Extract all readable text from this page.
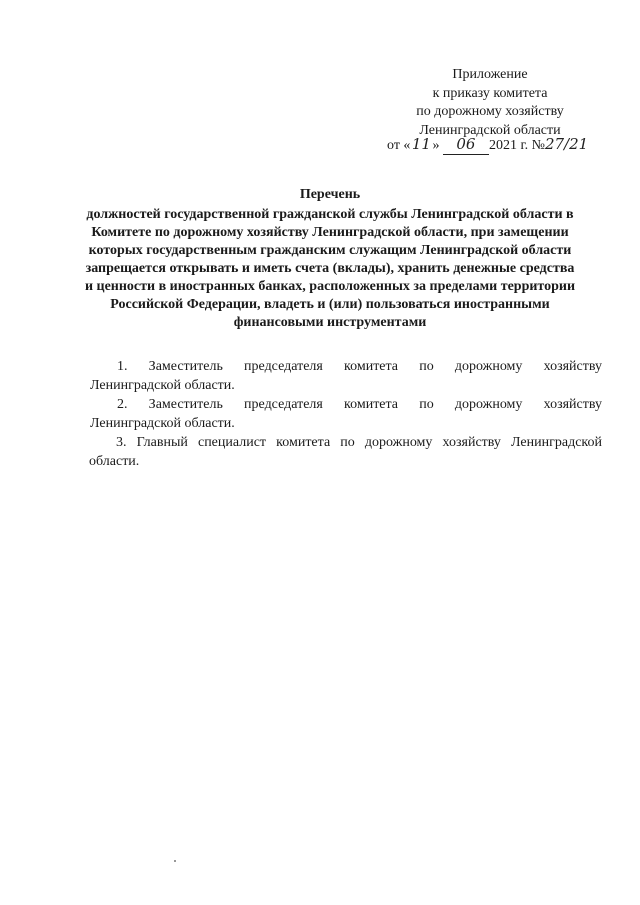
Приложение
к приказу комитета
по дорожному хозяйству
Ленинградской области
от «11» 06 2021 г. №27/21
Перечень
должностей государственной гражданской службы Ленинградской области в Комитете по дорожному хозяйству Ленинградской области, при замещении которых государственным гражданским служащим Ленинградской области запрещается открывать и иметь счета (вклады), хранить денежные средства и ценности в иностранных банках, расположенных за пределами территории Российской Федерации, владеть и (или) пользоваться иностранными финансовыми инструментами
1. Заместитель председателя комитета по дорожному хозяйству
Ленинградской области.
2. Заместитель председателя комитета по дорожному хозяйству
Ленинградской области.
3. Главный специалист комитета по дорожному хозяйству Ленинградской
области.
